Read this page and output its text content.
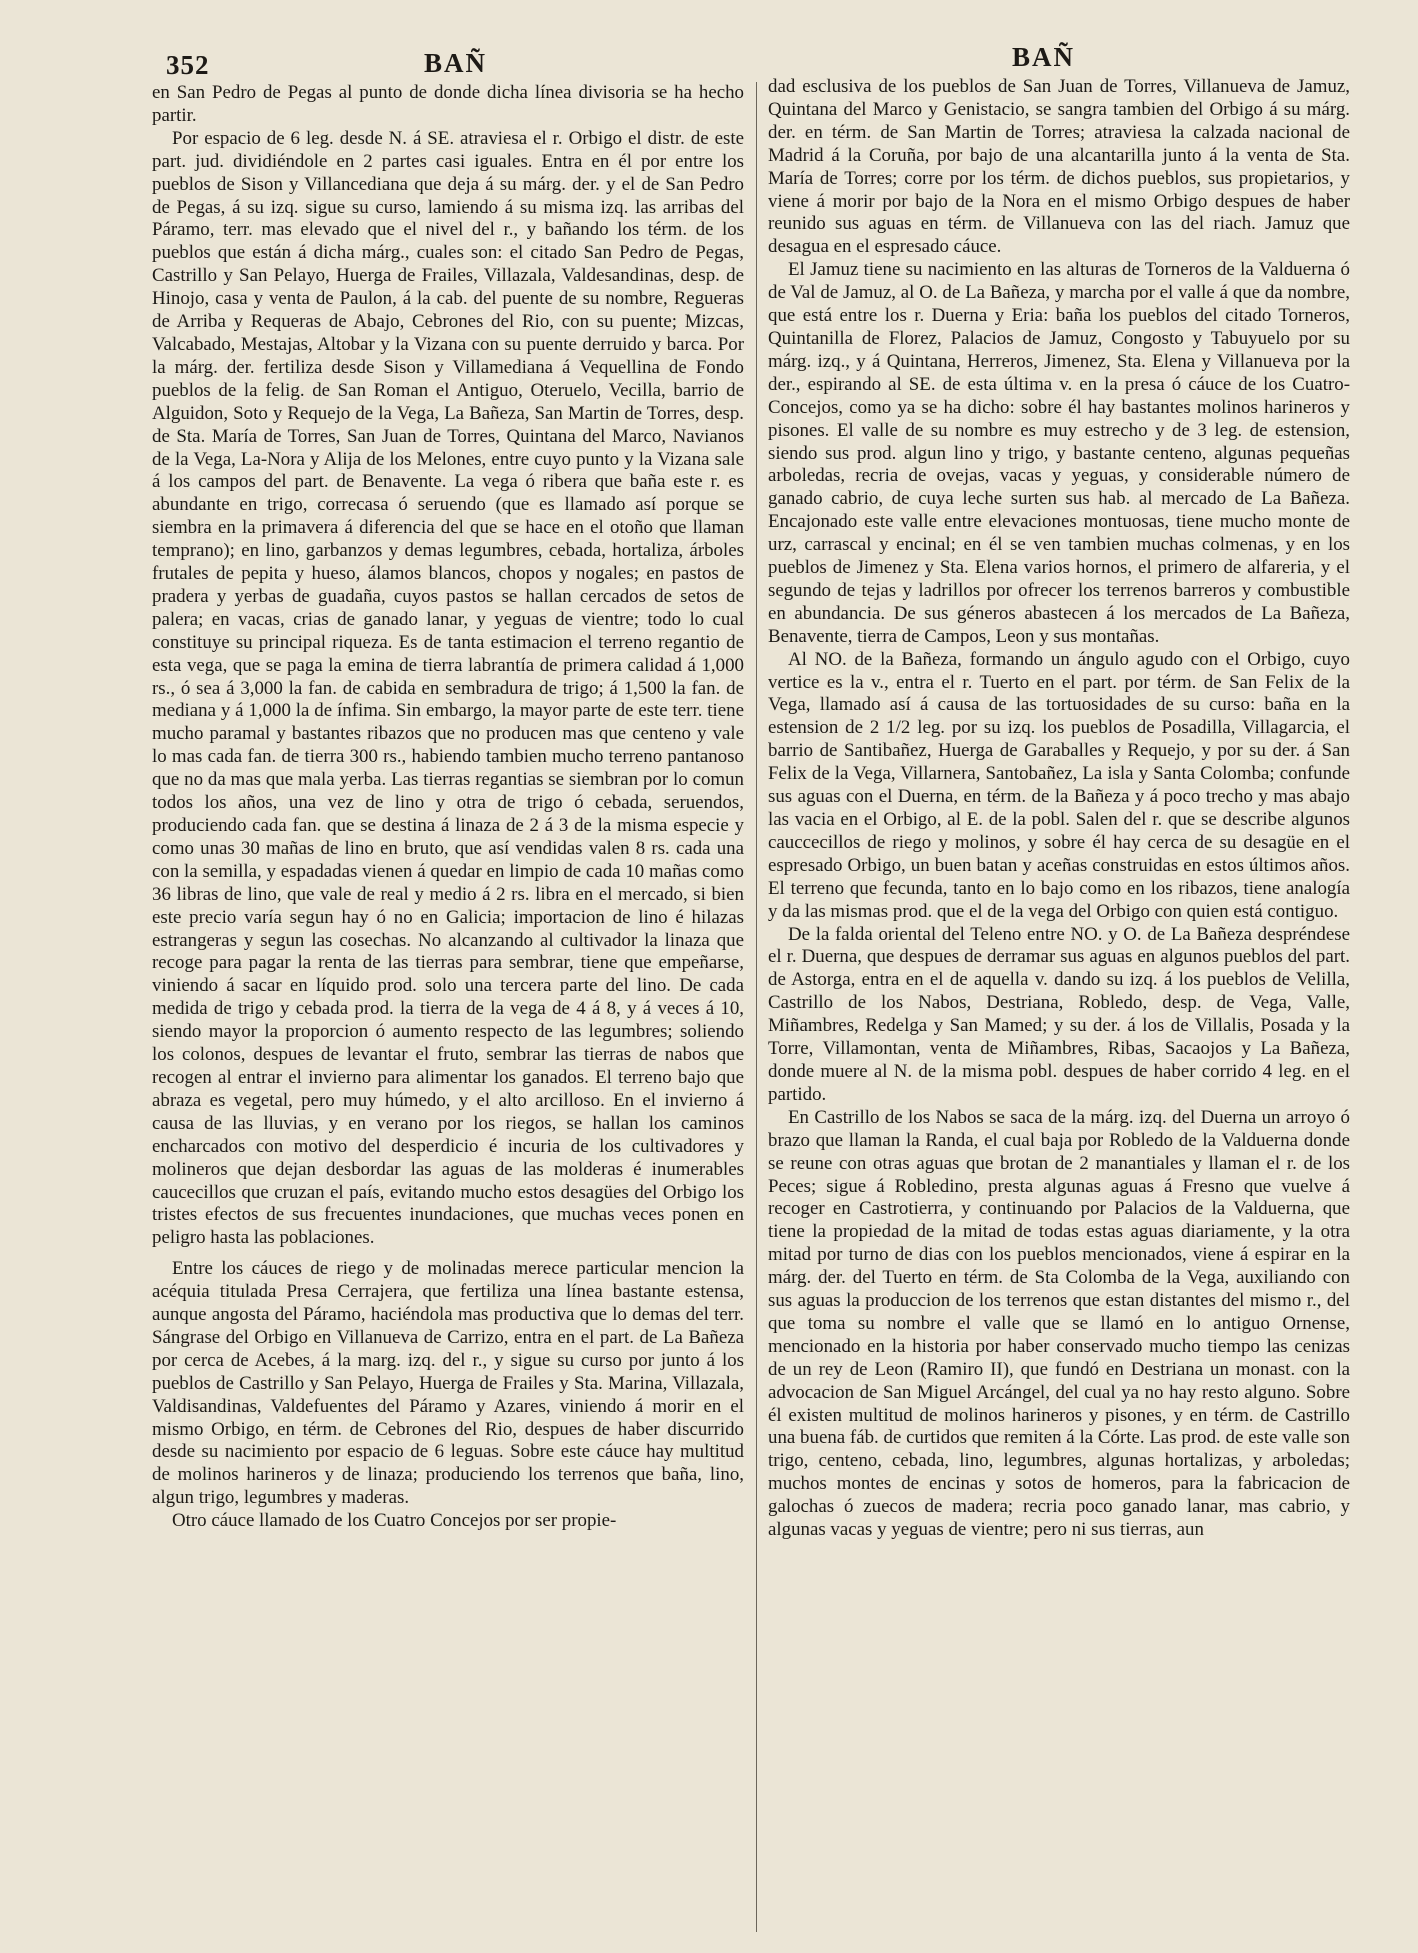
352	BAÑ	BAÑ

en San Pedro de Pegas al punto de donde dicha línea divisoria se ha hecho partir.

Por espacio de 6 leg. desde N. á SE. atraviesa el r. Orbigo el distr. de este part. jud. dividiéndole en 2 partes casi iguales. Entra en él por entre los pueblos de Sison y Villancediana que deja á su márg. der. y el de San Pedro de Pegas, á su izq. sigue su curso, lamiendo á su misma izq. las arribas del Páramo, terr. mas elevado que el nivel del r., y bañando los térm. de los pueblos que están á dicha márg., cuales son: el citado San Pedro de Pegas, Castrillo y San Pelayo, Huerga de Frailes, Villazala, Valdesandinas, desp. de Hinojo, casa y venta de Paulon, á la cab. del puente de su nombre, Regueras de Arriba y Requeras de Abajo, Cebrones del Rio, con su puente; Mizcas, Valcabado, Mestajas, Altobar y la Vizana con su puente derruido y barca. Por la márg. der. fertiliza desde Sison y Villamediana á Vequellina de Fondo pueblos de la felig. de San Roman el Antiguo, Oteruelo, Vecilla, barrio de Alguidon, Soto y Requejo de la Vega, La Bañeza, San Martin de Torres, desp. de Sta. María de Torres, San Juan de Torres, Quintana del Marco, Navianos de la Vega, La-Nora y Alija de los Melones, entre cuyo punto y la Vizana sale á los campos del part. de Benavente. La vega ó ribera que baña este r. es abundante en trigo, correcasa ó seruendo (que es llamado así porque se siembra en la primavera á diferencia del que se hace en el otoño que llaman temprano); en lino, garbanzos y demas legumbres, cebada, hortaliza, árboles frutales de pepita y hueso, álamos blancos, chopos y nogales; en pastos de pradera y yerbas de guadaña, cuyos pastos se hallan cercados de setos de palera; en vacas, crias de ganado lanar, y yeguas de vientre; todo lo cual constituye su principal riqueza. Es de tanta estimacion el terreno regantio de esta vega, que se paga la emina de tierra labrantía de primera calidad á 1,000 rs., ó sea á 3,000 la fan. de cabida en sembradura de trigo; á 1,500 la fan. de mediana y á 1,000 la de ínfima. Sin embargo, la mayor parte de este terr. tiene mucho paramal y bastantes ribazos que no producen mas que centeno y vale lo mas cada fan. de tierra 300 rs., habiendo tambien mucho terreno pantanoso que no da mas que mala yerba. Las tierras regantias se siembran por lo comun todos los años, una vez de lino y otra de trigo ó cebada, seruendos, produciendo cada fan. que se destina á linaza de 2 á 3 de la misma especie y como unas 30 mañas de lino en bruto, que así vendidas valen 8 rs. cada una con la semilla, y espadadas vienen á quedar en limpio de cada 10 mañas como 36 libras de lino, que vale de real y medio á 2 rs. libra en el mercado, si bien este precio varía segun hay ó no en Galicia; importacion de lino é hilazas estrangeras y segun las cosechas. No alcanzando al cultivador la linaza que recoge para pagar la renta de las tierras para sembrar, tiene que empeñarse, viniendo á sacar en líquido prod. solo una tercera parte del lino. De cada medida de trigo y cebada prod. la tierra de la vega de 4 á 8, y á veces á 10, siendo mayor la proporcion ó aumento respecto de las legumbres; soliendo los colonos, despues de levantar el fruto, sembrar las tierras de nabos que recogen al entrar el invierno para alimentar los ganados. El terreno bajo que abraza es vegetal, pero muy húmedo, y el alto arcilloso. En el invierno á causa de las lluvias, y en verano por los riegos, se hallan los caminos encharcados con motivo del desperdicio é incuria de los cultivadores y molineros que dejan desbordar las aguas de las molderas é inumerables caucecillos que cruzan el país, evitando mucho estos desagües del Orbigo los tristes efectos de sus frecuentes inundaciones, que muchas veces ponen en peligro hasta las poblaciones.

Entre los cáuces de riego y de molinadas merece particular mencion la acéquia titulada Presa Cerrajera, que fertiliza una línea bastante estensa, aunque angosta del Páramo, haciéndola mas productiva que lo demas del terr. Sángrase del Orbigo en Villanueva de Carrizo, entra en el part. de La Bañeza por cerca de Acebes, á la marg. izq. del r., y sigue su curso por junto á los pueblos de Castrillo y San Pelayo, Huerga de Frailes y Sta. Marina, Villazala, Valdisandinas, Valdefuentes del Páramo y Azares, viniendo á morir en el mismo Orbigo, en térm. de Cebrones del Rio, despues de haber discurrido desde su nacimiento por espacio de 6 leguas. Sobre este cáuce hay multitud de molinos harineros y de linaza; produciendo los terrenos que baña, lino, algun trigo, legumbres y maderas.

Otro cáuce llamado de los Cuatro Concejos por ser propie-

dad esclusiva de los pueblos de San Juan de Torres, Villanueva de Jamuz, Quintana del Marco y Genistacio, se sangra tambien del Orbigo á su márg. der. en térm. de San Martin de Torres; atraviesa la calzada nacional de Madrid á la Coruña, por bajo de una alcantarilla junto á la venta de Sta. María de Torres; corre por los térm. de dichos pueblos, sus propietarios, y viene á morir por bajo de la Nora en el mismo Orbigo despues de haber reunido sus aguas en térm. de Villanueva con las del riach. Jamuz que desagua en el espresado cáuce.

El Jamuz tiene su nacimiento en las alturas de Torneros de la Valduerna ó de Val de Jamuz, al O. de La Bañeza, y marcha por el valle á que da nombre, que está entre los r. Duerna y Eria: baña los pueblos del citado Torneros, Quintanilla de Florez, Palacios de Jamuz, Congosto y Tabuyuelo por su márg. izq., y á Quintana, Herreros, Jimenez, Sta. Elena y Villanueva por la der., espirando al SE. de esta última v. en la presa ó cáuce de los Cuatro-Concejos, como ya se ha dicho: sobre él hay bastantes molinos harineros y pisones. El valle de su nombre es muy estrecho y de 3 leg. de estension, siendo sus prod. algun lino y trigo, y bastante centeno, algunas pequeñas arboledas, recria de ovejas, vacas y yeguas, y considerable número de ganado cabrio, de cuya leche surten sus hab. al mercado de La Bañeza. Encajonado este valle entre elevaciones montuosas, tiene mucho monte de urz, carrascal y encinal; en él se ven tambien muchas colmenas, y en los pueblos de Jimenez y Sta. Elena varios hornos, el primero de alfareria, y el segundo de tejas y ladrillos por ofrecer los terrenos barreros y combustible en abundancia. De sus géneros abastecen á los mercados de La Bañeza, Benavente, tierra de Campos, Leon y sus montañas.

Al NO. de la Bañeza, formando un ángulo agudo con el Orbigo, cuyo vertice es la v., entra el r. Tuerto en el part. por térm. de San Felix de la Vega, llamado así á causa de las tortuosidades de su curso: baña en la estension de 2 1/2 leg. por su izq. los pueblos de Posadilla, Villagarcia, el barrio de Santibañez, Huerga de Garaballes y Requejo, y por su der. á San Felix de la Vega, Villarnera, Santobañez, La isla y Santa Colomba; confunde sus aguas con el Duerna, en térm. de la Bañeza y á poco trecho y mas abajo las vacia en el Orbigo, al E. de la pobl. Salen del r. que se describe algunos cauccecillos de riego y molinos, y sobre él hay cerca de su desagüe en el espresado Orbigo, un buen batan y aceñas construidas en estos últimos años. El terreno que fecunda, tanto en lo bajo como en los ribazos, tiene analogía y da las mismas prod. que el de la vega del Orbigo con quien está contiguo.

De la falda oriental del Teleno entre NO. y O. de La Bañeza despréndese el r. Duerna, que despues de derramar sus aguas en algunos pueblos del part. de Astorga, entra en el de aquella v. dando su izq. á los pueblos de Velilla, Castrillo de los Nabos, Destriana, Robledo, desp. de Vega, Valle, Miñambres, Redelga y San Mamed; y su der. á los de Villalis, Posada y la Torre, Villamontan, venta de Miñambres, Ribas, Sacaojos y La Bañeza, donde muere al N. de la misma pobl. despues de haber corrido 4 leg. en el partido.

En Castrillo de los Nabos se saca de la márg. izq. del Duerna un arroyo ó brazo que llaman la Randa, el cual baja por Robledo de la Valduerna donde se reune con otras aguas que brotan de 2 manantiales y llaman el r. de los Peces; sigue á Robledino, presta algunas aguas á Fresno que vuelve á recoger en Castrotierra, y continuando por Palacios de la Valduerna, que tiene la propiedad de la mitad de todas estas aguas diariamente, y la otra mitad por turno de dias con los pueblos mencionados, viene á espirar en la márg. der. del Tuerto en térm. de Sta Colomba de la Vega, auxiliando con sus aguas la produccion de los terrenos que estan distantes del mismo r., del que toma su nombre el valle que se llamó en lo antiguo Ornense, mencionado en la historia por haber conservado mucho tiempo las cenizas de un rey de Leon (Ramiro II), que fundó en Destriana un monast. con la advocacion de San Miguel Arcángel, del cual ya no hay resto alguno. Sobre él existen multitud de molinos harineros y pisones, y en térm. de Castrillo una buena fáb. de curtidos que remiten á la Córte. Las prod. de este valle son trigo, centeno, cebada, lino, legumbres, algunas hortalizas, y arboledas; muchos montes de encinas y sotos de homeros, para la fabricacion de galochas ó zuecos de madera; recria poco ganado lanar, mas cabrio, y algunas vacas y yeguas de vientre; pero ni sus tierras, aun
